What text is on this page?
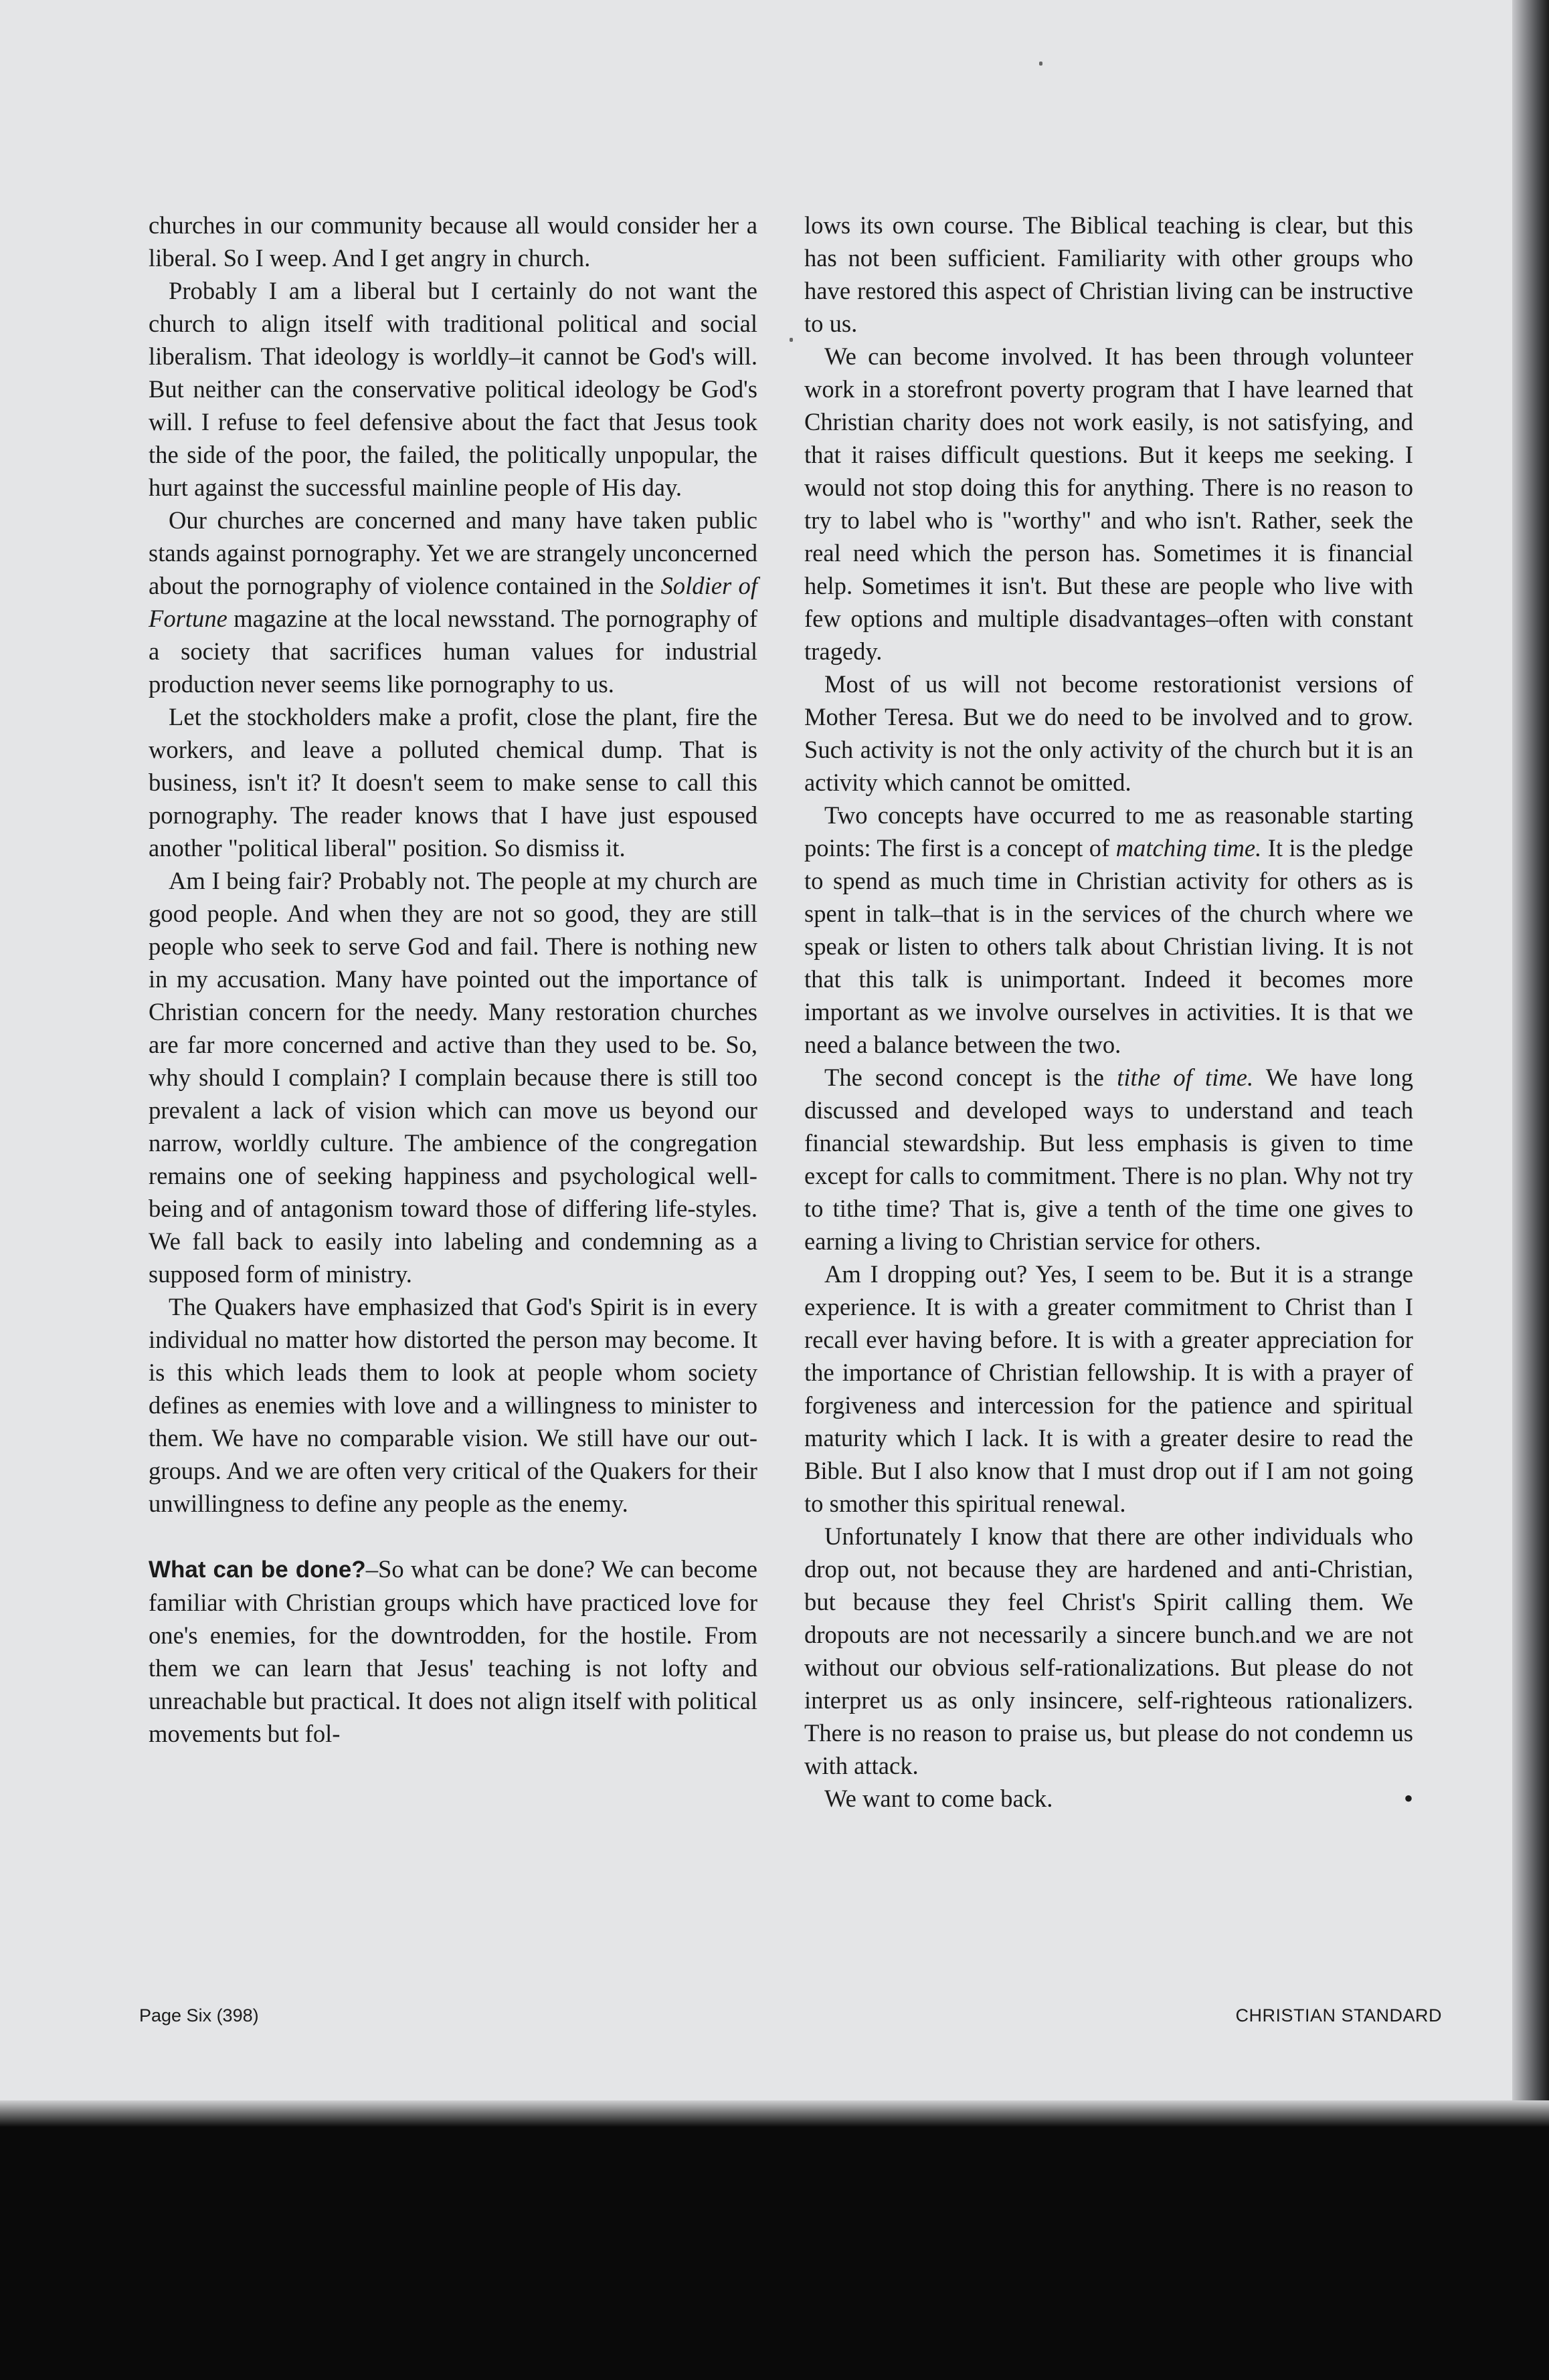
churches in our community because all would consider her a liberal. So I weep. And I get angry in church.

Probably I am a liberal but I certainly do not want the church to align itself with traditional political and social liberalism. That ideology is worldly–it cannot be God's will. But neither can the conservative political ideology be God's will. I refuse to feel defensive about the fact that Jesus took the side of the poor, the failed, the politically unpopular, the hurt against the successful mainline people of His day.

Our churches are concerned and many have taken public stands against pornography. Yet we are strangely unconcerned about the pornography of violence contained in the Soldier of Fortune magazine at the local newsstand. The pornography of a society that sacrifices human values for industrial production never seems like pornography to us.

Let the stockholders make a profit, close the plant, fire the workers, and leave a polluted chemical dump. That is business, isn't it? It doesn't seem to make sense to call this pornography. The reader knows that I have just espoused another "political liberal" position. So dismiss it.

Am I being fair? Probably not. The people at my church are good people. And when they are not so good, they are still people who seek to serve God and fail. There is nothing new in my accusation. Many have pointed out the importance of Christian concern for the needy. Many restoration churches are far more concerned and active than they used to be. So, why should I complain? I complain because there is still too prevalent a lack of vision which can move us beyond our narrow, worldly culture. The ambience of the congregation remains one of seeking happiness and psychological well-being and of antagonism toward those of differing life-styles. We fall back to easily into labeling and condemning as a supposed form of ministry.

The Quakers have emphasized that God's Spirit is in every individual no matter how distorted the person may become. It is this which leads them to look at people whom society defines as enemies with love and a willingness to minister to them. We have no comparable vision. We still have our out-groups. And we are often very critical of the Quakers for their unwillingness to define any people as the enemy.

What can be done?–So what can be done? We can become familiar with Christian groups which have practiced love for one's enemies, for the downtrodden, for the hostile. From them we can learn that Jesus' teaching is not lofty and unreachable but practical. It does not align itself with political movements but fol-

lows its own course. The Biblical teaching is clear, but this has not been sufficient. Familiarity with other groups who have restored this aspect of Christian living can be instructive to us.

We can become involved. It has been through volunteer work in a storefront poverty program that I have learned that Christian charity does not work easily, is not satisfying, and that it raises difficult questions. But it keeps me seeking. I would not stop doing this for anything. There is no reason to try to label who is "worthy" and who isn't. Rather, seek the real need which the person has. Sometimes it is financial help. Sometimes it isn't. But these are people who live with few options and multiple disadvantages–often with constant tragedy.

Most of us will not become restorationist versions of Mother Teresa. But we do need to be involved and to grow. Such activity is not the only activity of the church but it is an activity which cannot be omitted.

Two concepts have occurred to me as reasonable starting points: The first is a concept of matching time. It is the pledge to spend as much time in Christian activity for others as is spent in talk–that is in the services of the church where we speak or listen to others talk about Christian living. It is not that this talk is unimportant. Indeed it becomes more important as we involve ourselves in activities. It is that we need a balance between the two.

The second concept is the tithe of time. We have long discussed and developed ways to understand and teach financial stewardship. But less emphasis is given to time except for calls to commitment. There is no plan. Why not try to tithe time? That is, give a tenth of the time one gives to earning a living to Christian service for others.

Am I dropping out? Yes, I seem to be. But it is a strange experience. It is with a greater commitment to Christ than I recall ever having before. It is with a greater appreciation for the importance of Christian fellowship. It is with a prayer of forgiveness and intercession for the patience and spiritual maturity which I lack. It is with a greater desire to read the Bible. But I also know that I must drop out if I am not going to smother this spiritual renewal.

Unfortunately I know that there are other individuals who drop out, not because they are hardened and anti-Christian, but because they feel Christ's Spirit calling them. We dropouts are not necessarily a sincere bunch.and we are not without our obvious self-rationalizations. But please do not interpret us as only insincere, self-righteous rationalizers. There is no reason to praise us, but please do not condemn us with attack.

We want to come back.	•

Page Six (398)	CHRISTIAN STANDARD
